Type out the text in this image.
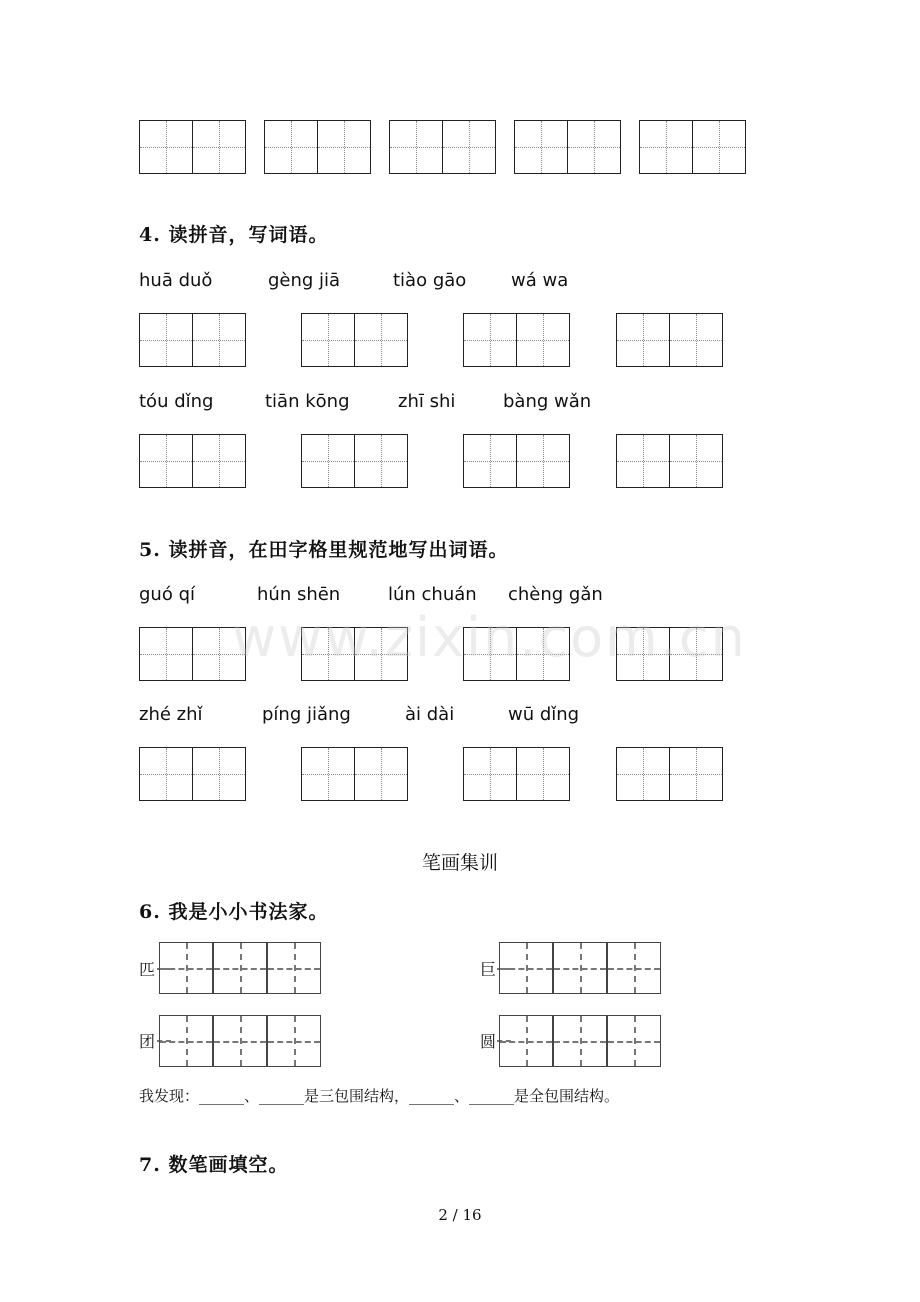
4. 读拼音，写词语。
huā duǒ	gèng jiā	tiào gāo wá wa
tóu dǐng	tiān kōng	zhī shi	bàng wǎn
5. 读拼音，在田字格里规范地写出词语。
guó qí	hún shēn	lún chuán chèng gǎn
www.zixin.com.cn
zhé zhǐ	píng jiǎng	ài dài	wū dǐng
笔画集训
6. 我是小小书法家。
匹	巨
团	圆
我发现：______、______是三包围结构，______、______是全包围结构。
7. 数笔画填空。
2 / 16
